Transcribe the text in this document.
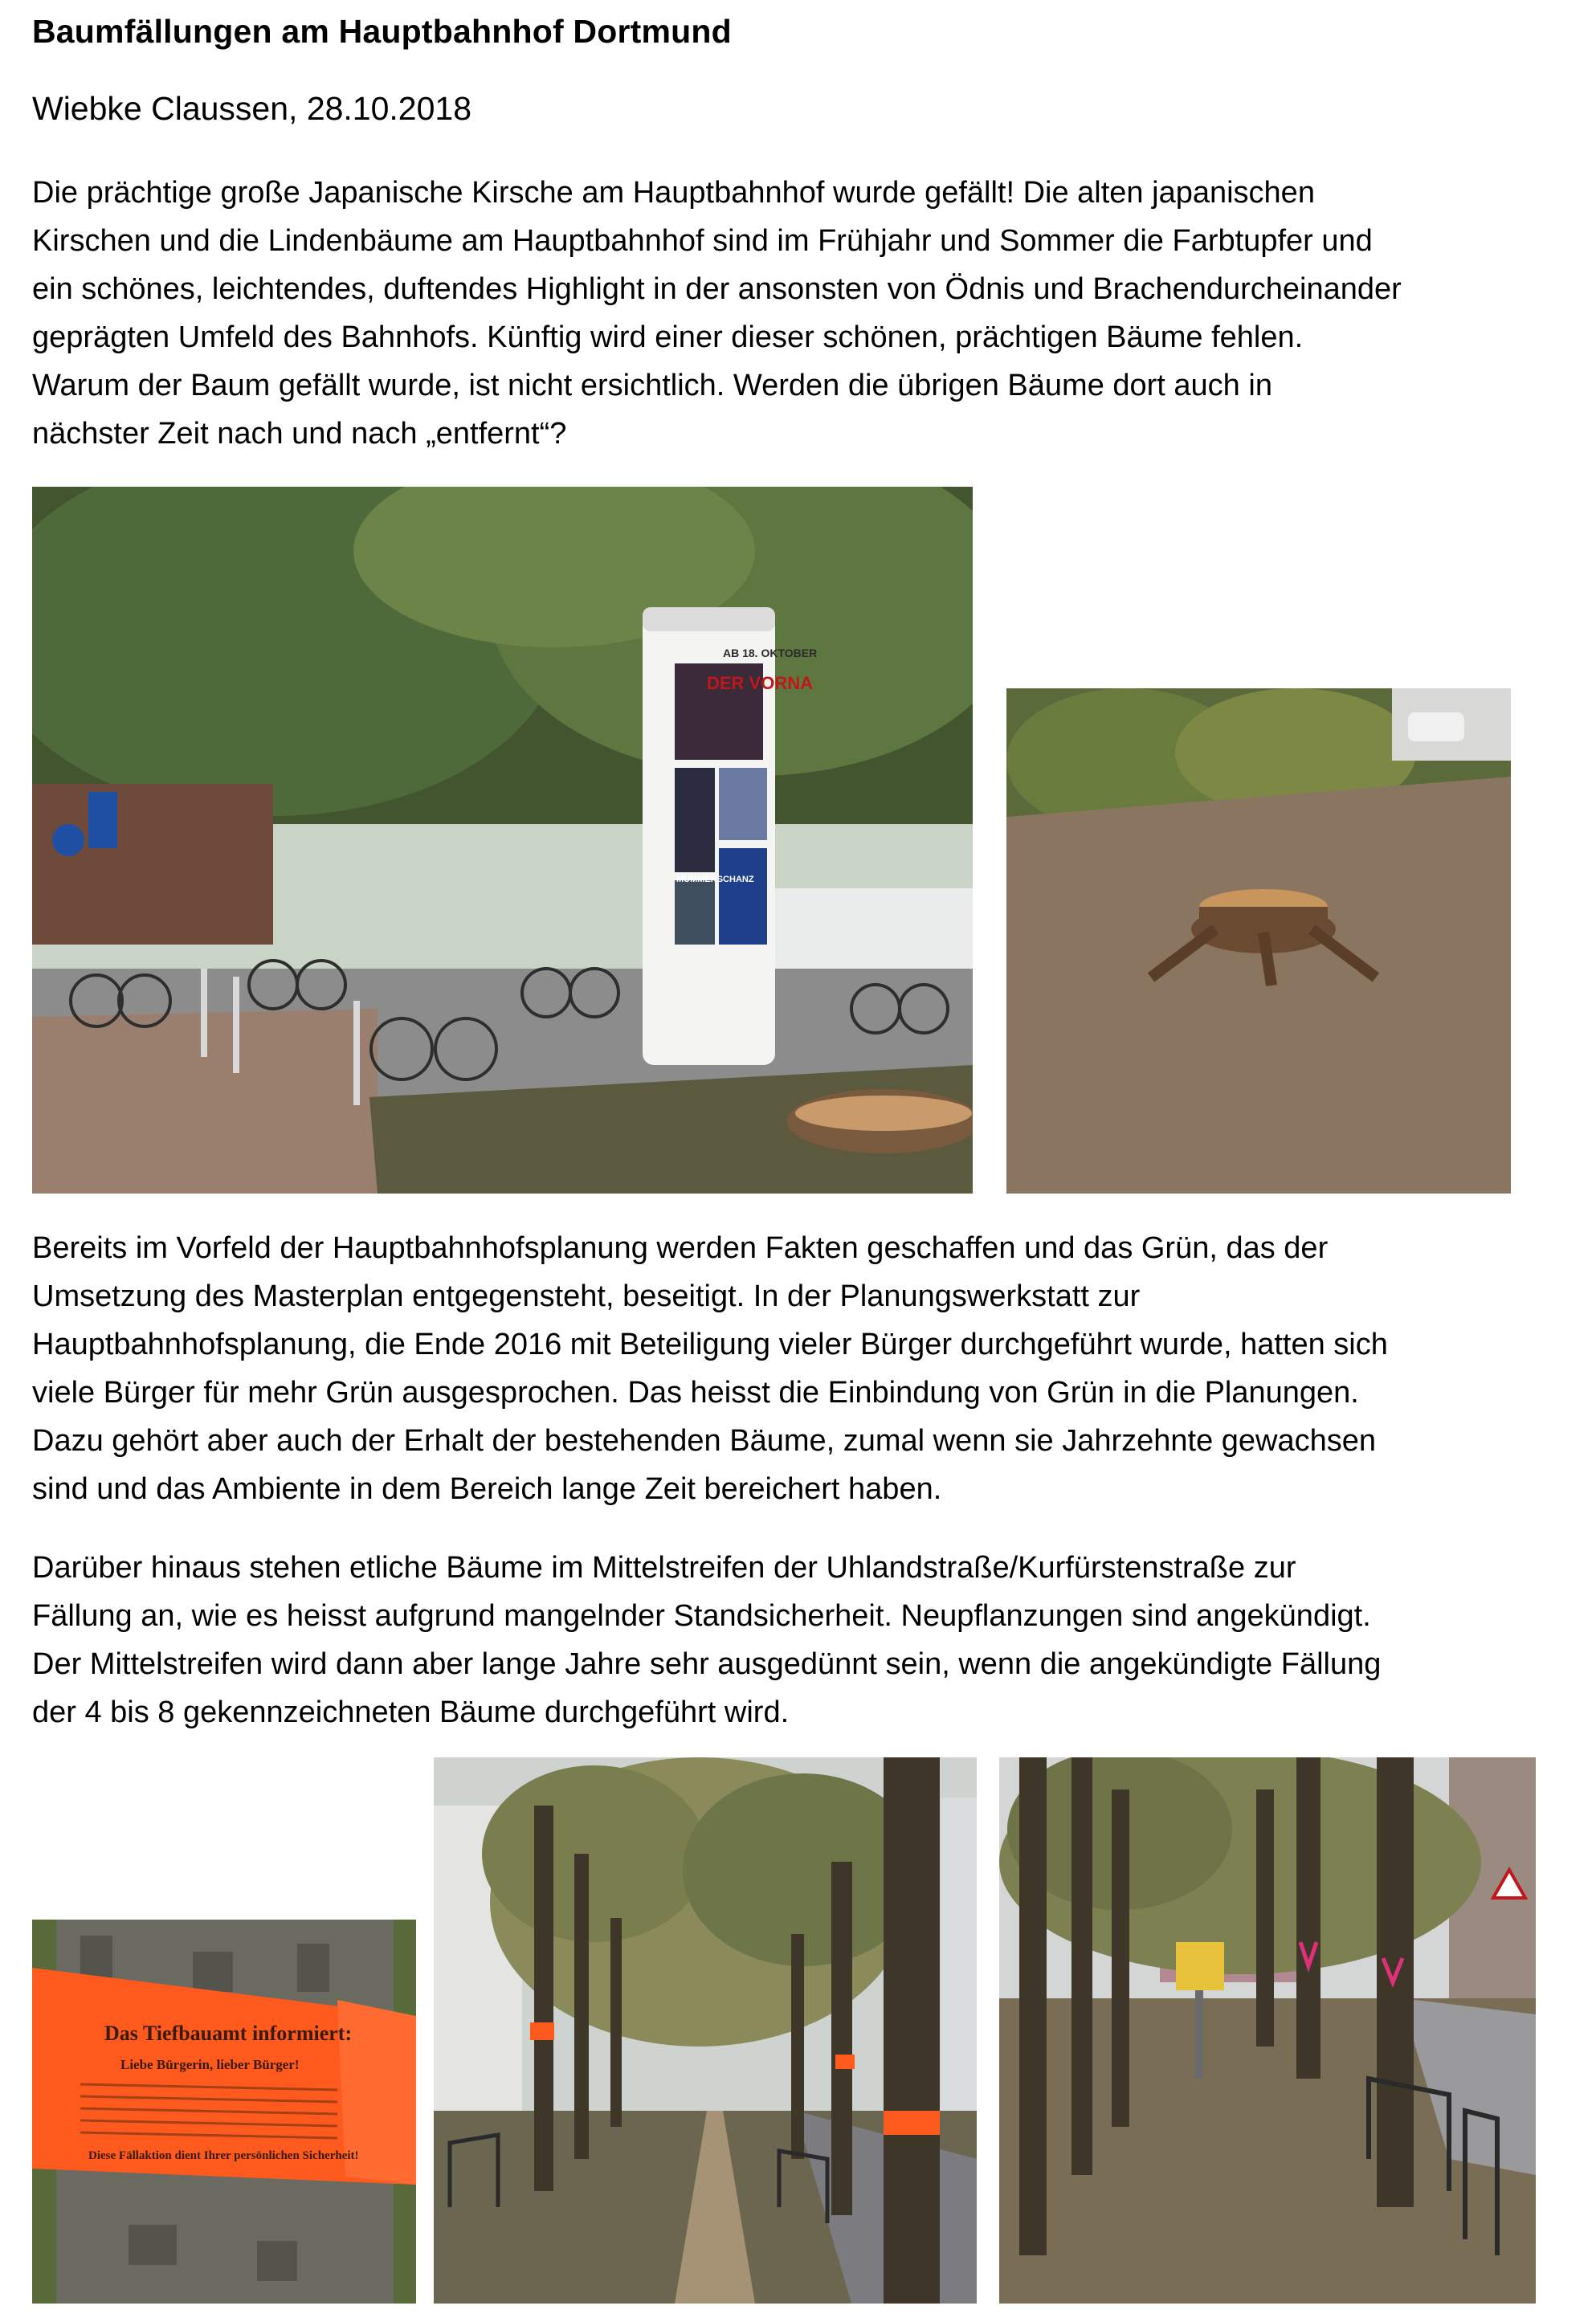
Baumfällungen am Hauptbahnhof Dortmund
Wiebke Claussen, 28.10.2018

Die prächtige große Japanische Kirsche am Hauptbahnhof wurde gefällt! Die alten japanischen
Kirschen und die Lindenbäume am Hauptbahnhof sind im Frühjahr und Sommer die Farbtupfer und
ein schönes, leichtendes, duftendes Highlight in der ansonsten von Ödnis und Brachendurcheinander
geprägten Umfeld des Bahnhofs. Künftig wird einer dieser schönen, prächtigen Bäume fehlen.
Warum der Baum gefällt wurde, ist nicht ersichtlich. Werden die übrigen Bäume dort auch in
nächster Zeit nach und nach „entfernt“?

AB 18. OKTOBER
DER VORNA
MUMMENSCHANZ

Bereits im Vorfeld der Hauptbahnhofsplanung werden Fakten geschaffen und das Grün, das der
Umsetzung des Masterplan entgegensteht, beseitigt. In der Planungswerkstatt zur
Hauptbahnhofsplanung, die Ende 2016 mit Beteiligung vieler Bürger durchgeführt wurde, hatten sich
viele Bürger für mehr Grün ausgesprochen. Das heisst die Einbindung von Grün in die Planungen.
Dazu gehört aber auch der Erhalt der bestehenden Bäume, zumal wenn sie Jahrzehnte gewachsen
sind und das Ambiente in dem Bereich lange Zeit bereichert haben.

Darüber hinaus stehen etliche Bäume im Mittelstreifen der Uhlandstraße/Kurfürstenstraße zur
Fällung an, wie es heisst aufgrund mangelnder Standsicherheit. Neupflanzungen sind angekündigt.
Der Mittelstreifen wird dann aber lange Jahre sehr ausgedünnt sein, wenn die angekündigte Fällung
der 4 bis 8 gekennzeichneten Bäume durchgeführt wird.

Das Tiefbauamt informiert:
Liebe Bürgerin, lieber Bürger!
Diese Fällaktion dient Ihrer persönlichen Sicherheit!
